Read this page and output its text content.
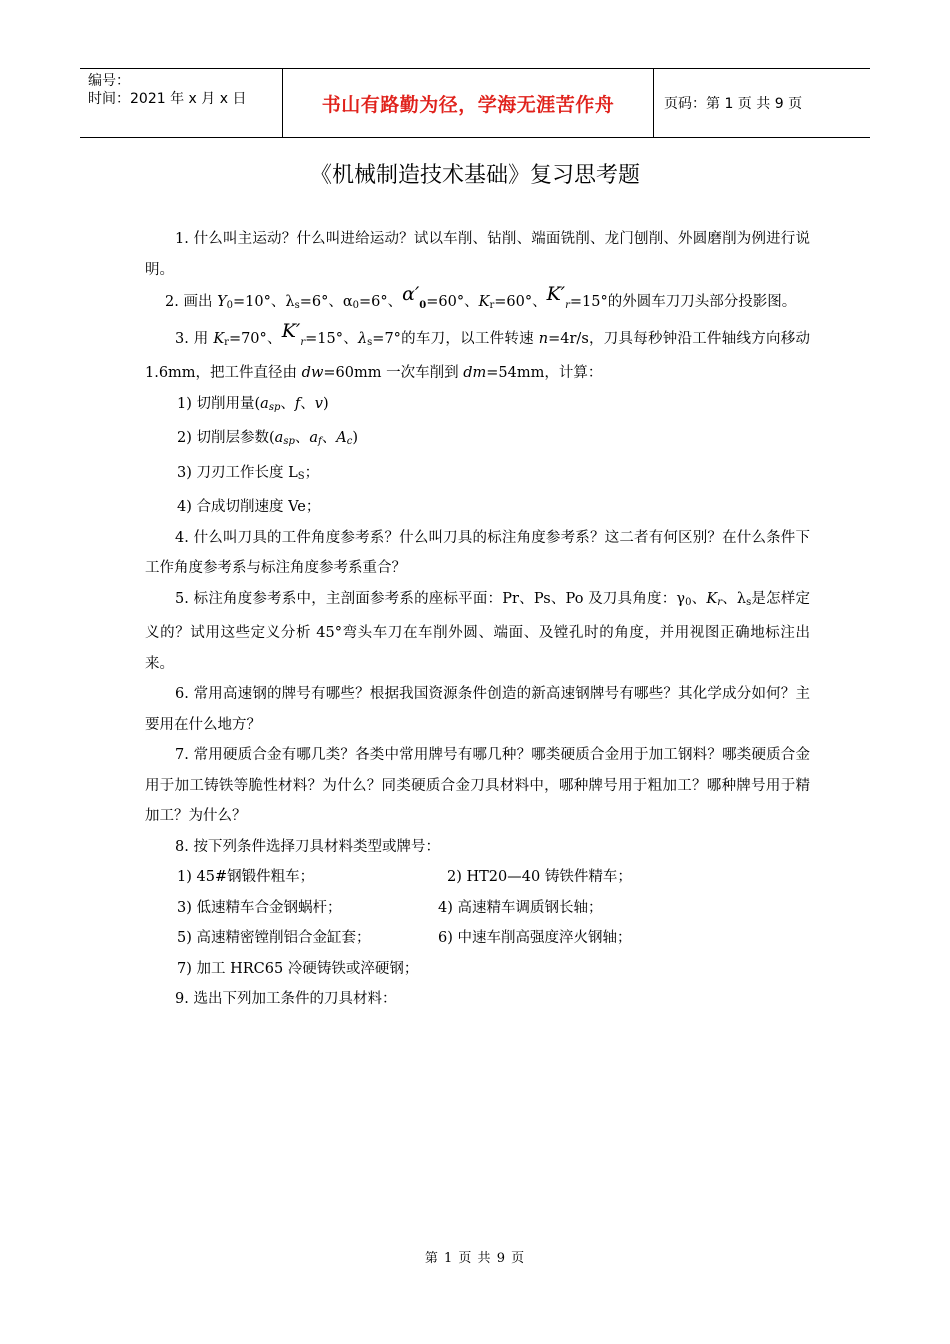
编号：
时间：2021 年 x 月 x 日	书山有路勤为径，学海无涯苦作舟	页码：第 1 页 共 9 页
《机械制造技术基础》复习思考题

1. 什么叫主运动？什么叫进给运动？试以车削、钻削、端面铣削、龙门刨削、外圆磨削为例进行说明。

2. 画出 $Y_0=10^\circ$、$\lambda_s=6^\circ$、$\alpha_0=6^\circ$、$\alpha'_0=60^\circ$、$K_r=60^\circ$、$K'_r=15^\circ$的外圆车刀刀头部分投影图。

3. 用 $K_r=70^\circ$、$K'_r=15^\circ$、$\lambda_s=7^\circ$的车刀，以工件转速 n=4r/s，刀具每秒钟沿工件轴线方向移动 1.6mm，把工件直径由 dw=60mm 一次车削到 dm=54mm，计算：

1) 切削用量($a_{sp}$、f、v)

2) 切削层参数($a_{sp}$、$a_f$、$A_c$)

3) 刀刃工作长度 $L_S$；

4) 合成切削速度 Ve；

4. 什么叫刀具的工件角度参考系？什么叫刀具的标注角度参考系？这二者有何区别？在什么条件下工作角度参考系与标注角度参考系重合？

5. 标注角度参考系中，主剖面参考系的座标平面：Pr、Ps、Po 及刀具角度：$\gamma_0$、$K_r$、$\lambda_s$是怎样定义的？试用这些定义分析 45°弯头车刀在车削外圆、端面、及镗孔时的角度，并用视图正确地标注出来。

6. 常用高速钢的牌号有哪些？根据我国资源条件创造的新高速钢牌号有哪些？其化学成分如何？主要用在什么地方？

7. 常用硬质合金有哪几类？各类中常用牌号有哪几种？哪类硬质合金用于加工钢料？哪类硬质合金用于加工铸铁等脆性材料？为什么？同类硬质合金刀具材料中，哪种牌号用于粗加工？哪种牌号用于精加工？为什么？

8. 按下列条件选择刀具材料类型或牌号：

1) 45#钢锻件粗车；	2) HT20—40 铸铁件精车；
3) 低速精车合金钢蜗杆；	4) 高速精车调质钢长轴；
5) 高速精密镗削铝合金缸套；	6) 中速车削高强度淬火钢轴；

7) 加工 HRC65 冷硬铸铁或淬硬钢；

9. 选出下列加工条件的刀具材料：

第 1 页 共 9 页
